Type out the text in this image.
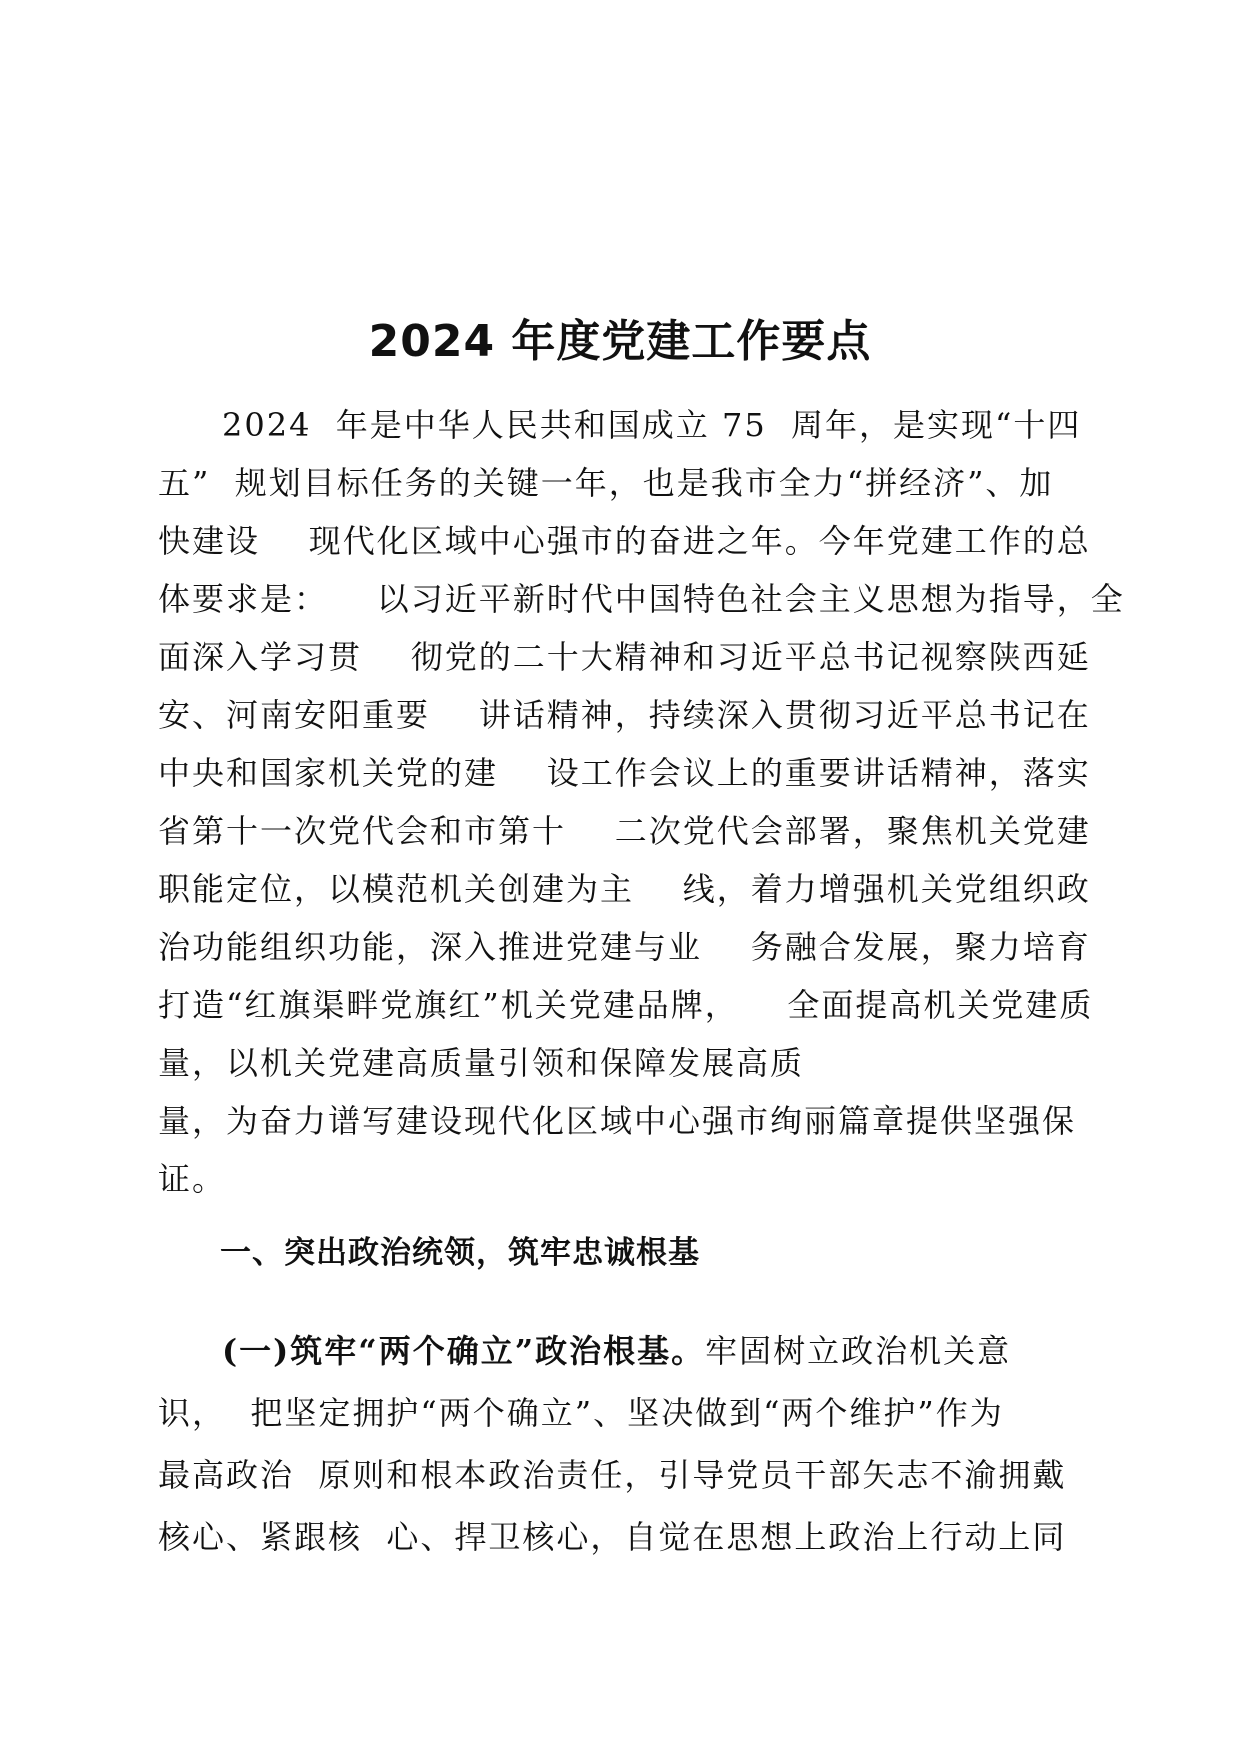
2024 年度党建工作要点
2024  年是中华人民共和国成立 75  周年，是实现“十四
五”  规划目标任务的关键一年，也是我市全力“拼经济”、加
快建设    现代化区域中心强市的奋进之年。今年党建工作的总
体要求是：    以习近平新时代中国特色社会主义思想为指导，全
面深入学习贯    彻党的二十大精神和习近平总书记视察陕西延
安、河南安阳重要    讲话精神，持续深入贯彻习近平总书记在
中央和国家机关党的建    设工作会议上的重要讲话精神，落实
省第十一次党代会和市第十    二次党代会部署，聚焦机关党建
职能定位，以模范机关创建为主    线，着力增强机关党组织政
治功能组织功能，深入推进党建与业    务融合发展，聚力培育
打造“红旗渠畔党旗红”机关党建品牌，    全面提高机关党建质
量，以机关党建高质量引领和保障发展高质
量，为奋力谱写建设现代化区域中心强市绚丽篇章提供坚强保
证。
一、突出政治统领，筑牢忠诚根基
(一)筑牢“两个确立”政治根基。牢固树立政治机关意
识，  把坚定拥护“两个确立”、坚决做到“两个维护”作为
最高政治  原则和根本政治责任，引导党员干部矢志不渝拥戴
核心、紧跟核  心、捍卫核心，自觉在思想上政治上行动上同
